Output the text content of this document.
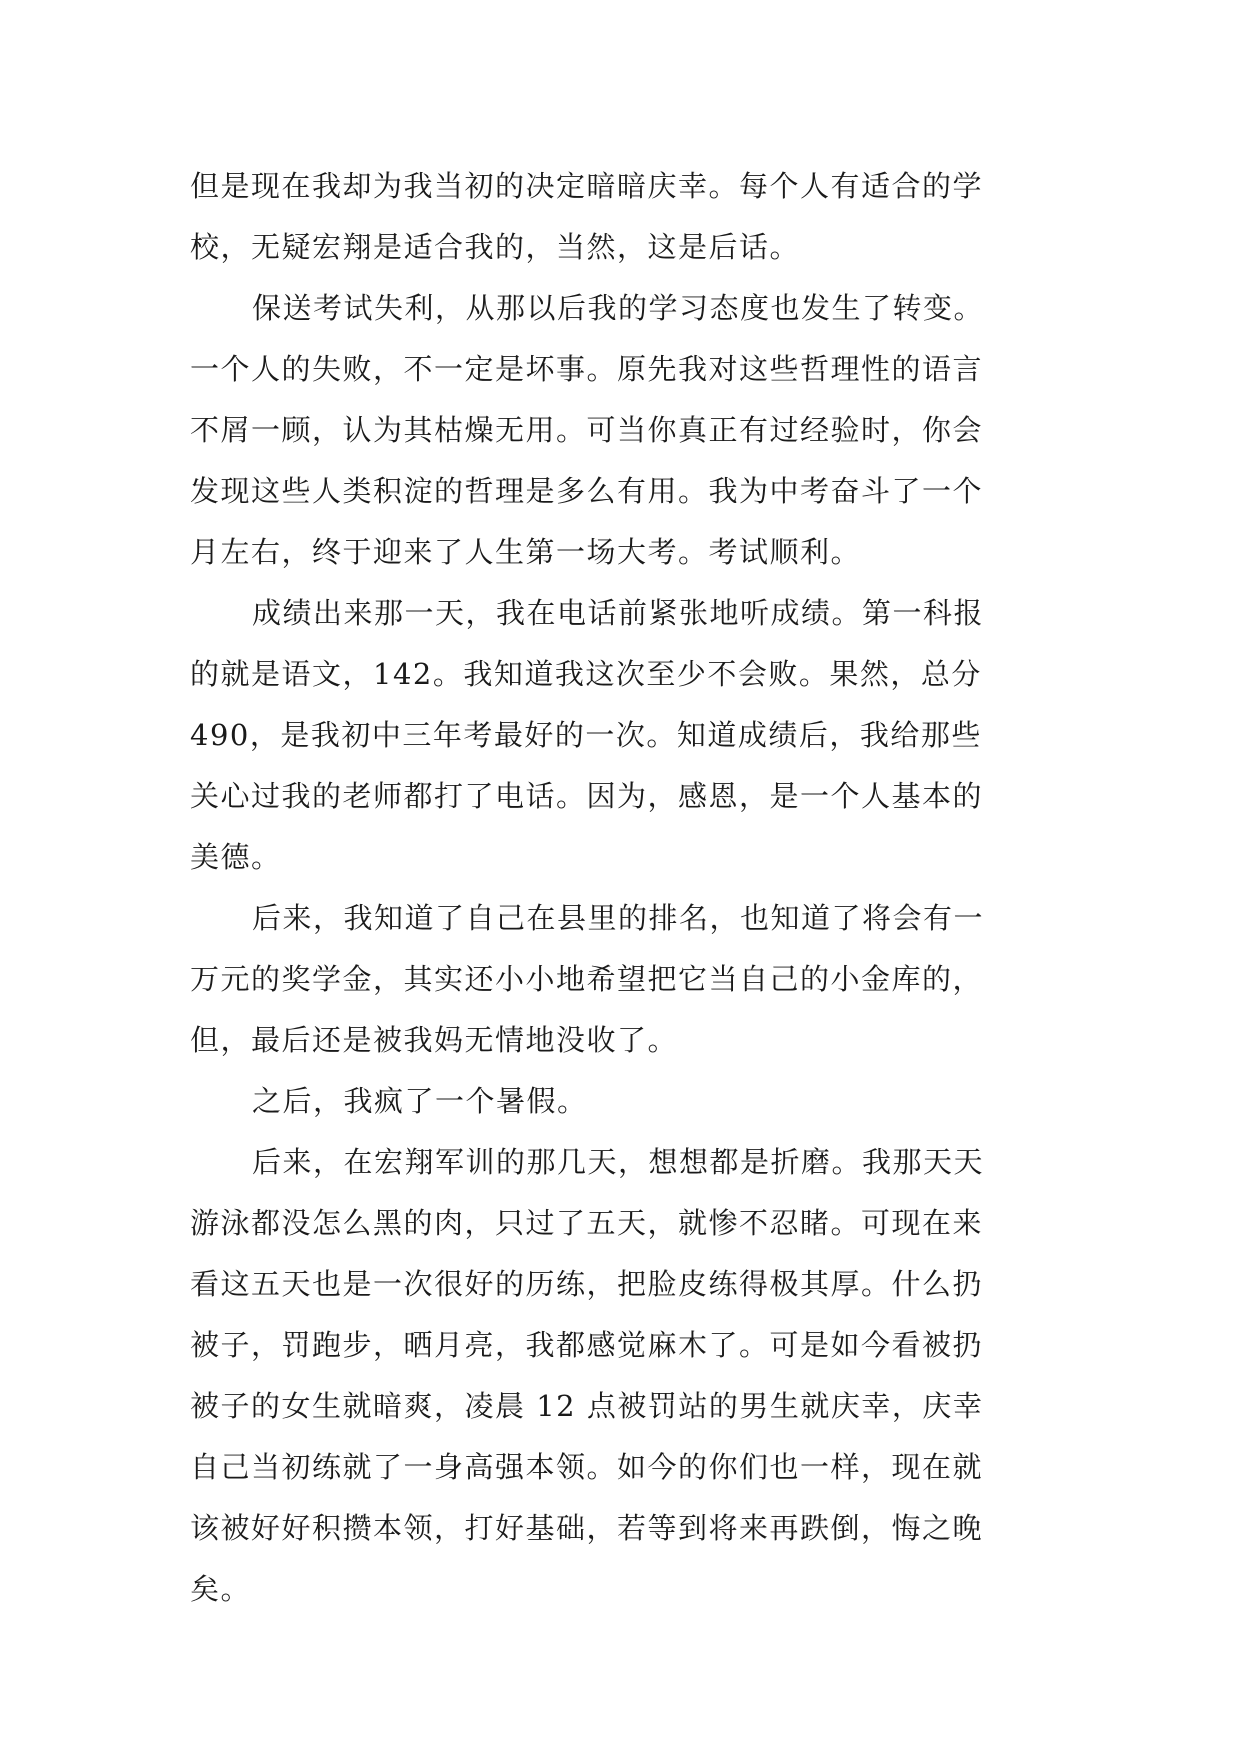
但是现在我却为我当初的决定暗暗庆幸。每个人有适合的学
校，无疑宏翔是适合我的，当然，这是后话。
保送考试失利，从那以后我的学习态度也发生了转变。
一个人的失败，不一定是坏事。原先我对这些哲理性的语言
不屑一顾，认为其枯燥无用。可当你真正有过经验时，你会
发现这些人类积淀的哲理是多么有用。我为中考奋斗了一个
月左右，终于迎来了人生第一场大考。考试顺利。
成绩出来那一天，我在电话前紧张地听成绩。第一科报
的就是语文，142。我知道我这次至少不会败。果然，总分
490，是我初中三年考最好的一次。知道成绩后，我给那些
关心过我的老师都打了电话。因为，感恩，是一个人基本的
美德。
后来，我知道了自己在县里的排名，也知道了将会有一
万元的奖学金，其实还小小地希望把它当自己的小金库的，
但，最后还是被我妈无情地没收了。
之后，我疯了一个暑假。
后来，在宏翔军训的那几天，想想都是折磨。我那天天
游泳都没怎么黑的肉，只过了五天，就惨不忍睹。可现在来
看这五天也是一次很好的历练，把脸皮练得极其厚。什么扔
被子，罚跑步，晒月亮，我都感觉麻木了。可是如今看被扔
被子的女生就暗爽，凌晨 12 点被罚站的男生就庆幸，庆幸
自己当初练就了一身高强本领。如今的你们也一样，现在就
该被好好积攒本领，打好基础，若等到将来再跌倒，悔之晚
矣。
